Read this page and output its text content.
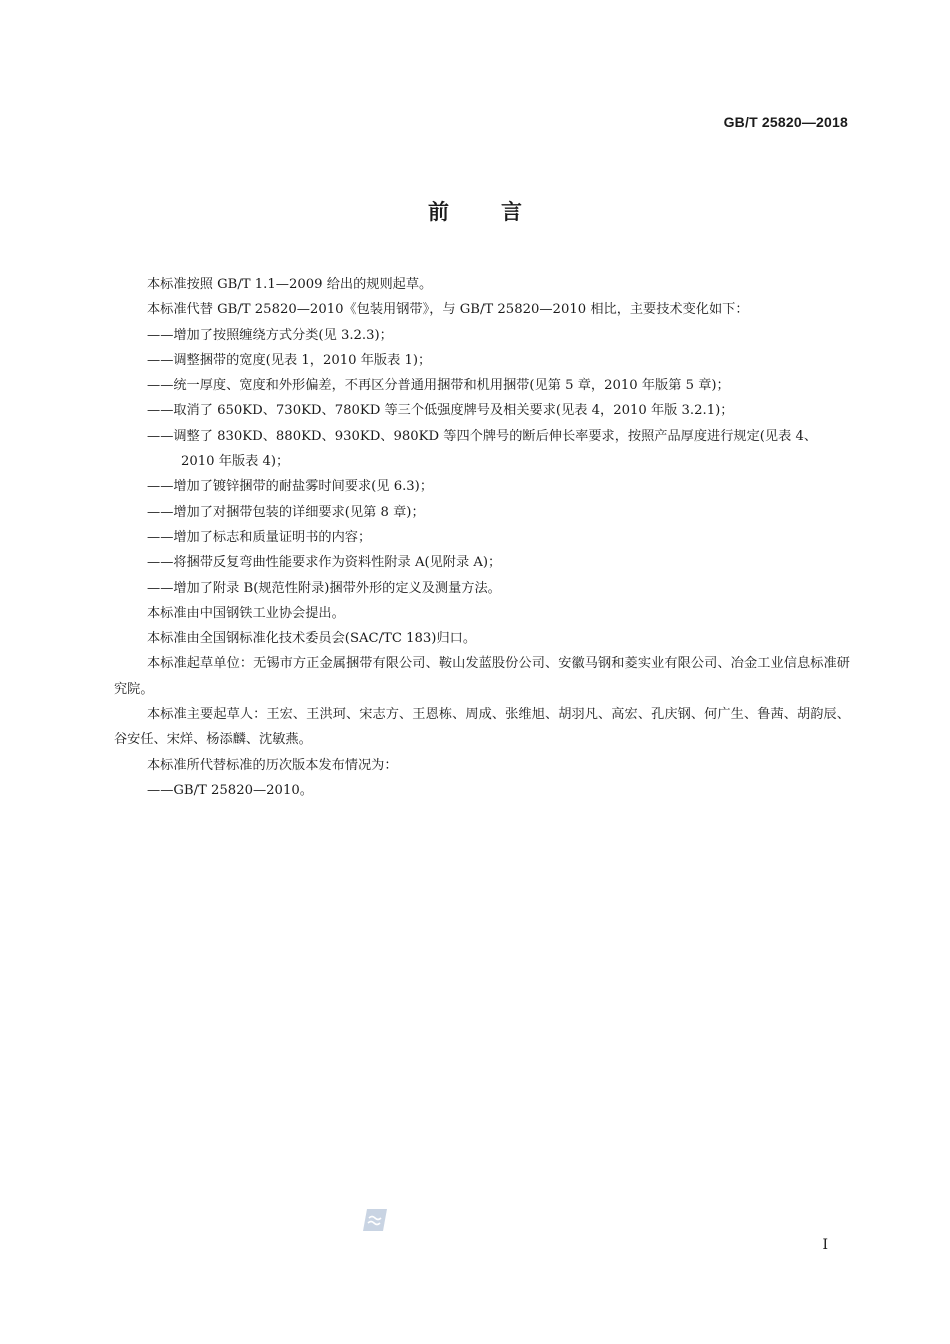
GB/T 25820—2018
前言

本标准按照 GB/T 1.1—2009 给出的规则起草。

本标准代替 GB/T 25820—2010《包装用钢带》，与 GB/T 25820—2010 相比，主要技术变化如下：

——增加了按照缠绕方式分类(见 3.2.3)；

——调整捆带的宽度(见表 1，2010 年版表 1)；

——统一厚度、宽度和外形偏差，不再区分普通用捆带和机用捆带(见第 5 章，2010 年版第 5 章)；

——取消了 650KD、730KD、780KD 等三个低强度牌号及相关要求(见表 4，2010 年版 3.2.1)；

——调整了 830KD、880KD、930KD、980KD 等四个牌号的断后伸长率要求，按照产品厚度进行规定(见表 4、2010 年版表 4)；

——增加了镀锌捆带的耐盐雾时间要求(见 6.3)；

——增加了对捆带包装的详细要求(见第 8 章)；

——增加了标志和质量证明书的内容；

——将捆带反复弯曲性能要求作为资料性附录 A(见附录 A)；

——增加了附录 B(规范性附录)捆带外形的定义及测量方法。

本标准由中国钢铁工业协会提出。

本标准由全国钢标准化技术委员会(SAC/TC 183)归口。

本标准起草单位：无锡市方正金属捆带有限公司、鞍山发蓝股份公司、安徽马钢和菱实业有限公司、冶金工业信息标准研究院。

本标准主要起草人：王宏、王洪珂、宋志方、王恩栋、周成、张维旭、胡羽凡、高宏、孔庆钢、何广生、鲁茜、胡韵辰、谷安任、宋烊、杨添麟、沈敏燕。

本标准所代替标准的历次版本发布情况为：

——GB/T 25820—2010。

I
